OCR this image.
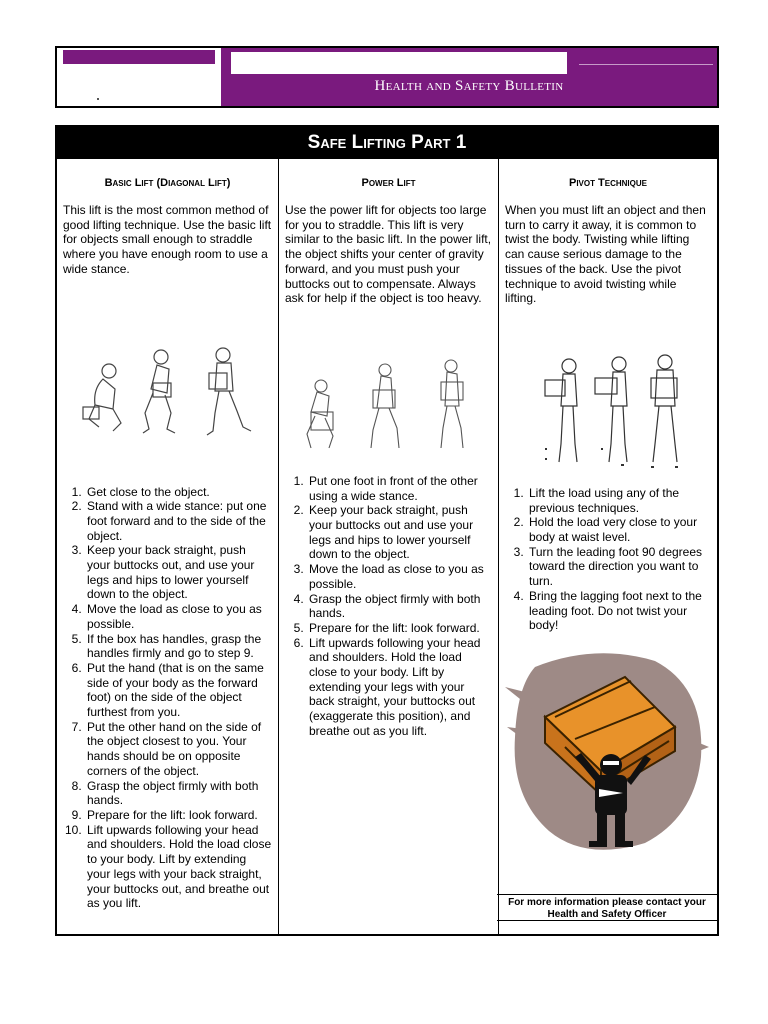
Health and Safety Bulletin
Safe Lifting Part 1
Basic Lift (Diagonal Lift)

This lift is the most common method of good lifting technique. Use the basic lift for objects small enough to straddle where you have enough room to use a wide stance.

1. Get close to the object.
2. Stand with a wide stance: put one foot forward and to the side of the object.
3. Keep your back straight, push your buttocks out, and use your legs and hips to lower yourself down to the object.
4. Move the load as close to you as possible.
5. If the box has handles, grasp the handles firmly and go to step 9.
6. Put the hand (that is on the same side of your body as the forward foot) on the side of the object furthest from you.
7. Put the other hand on the side of the object closest to you. Your hands should be on opposite corners of the object.
8. Grasp the object firmly with both hands.
9. Prepare for the lift: look forward.
10. Lift upwards following your head and shoulders. Hold the load close to your body. Lift by extending your legs with your back straight, your buttocks out, and breathe out as you lift.
Power Lift

Use the power lift for objects too large for you to straddle. This lift is very similar to the basic lift. In the power lift, the object shifts your center of gravity forward, and you must push your buttocks out to compensate. Always ask for help if the object is too heavy.

1. Put one foot in front of the other using a wide stance.
2. Keep your back straight, push your buttocks out and use your legs and hips to lower yourself down to the object.
3. Move the load as close to you as possible.
4. Grasp the object firmly with both hands.
5. Prepare for the lift: look forward.
6. Lift upwards following your head and shoulders. Hold the load close to your body. Lift by extending your legs with your back straight, your buttocks out (exaggerate this position), and breathe out as you lift.
Pivot Technique

When you must lift an object and then turn to carry it away, it is common to twist the body. Twisting while lifting can cause serious damage to the tissues of the back. Use the pivot technique to avoid twisting while lifting.

1. Lift the load using any of the previous techniques.
2. Hold the load very close to your body at waist level.
3. Turn the leading foot 90 degrees toward the direction you want to turn.
4. Bring the lagging foot next to the leading foot. Do not twist your body!
For more information please contact your Health and Safety Officer
